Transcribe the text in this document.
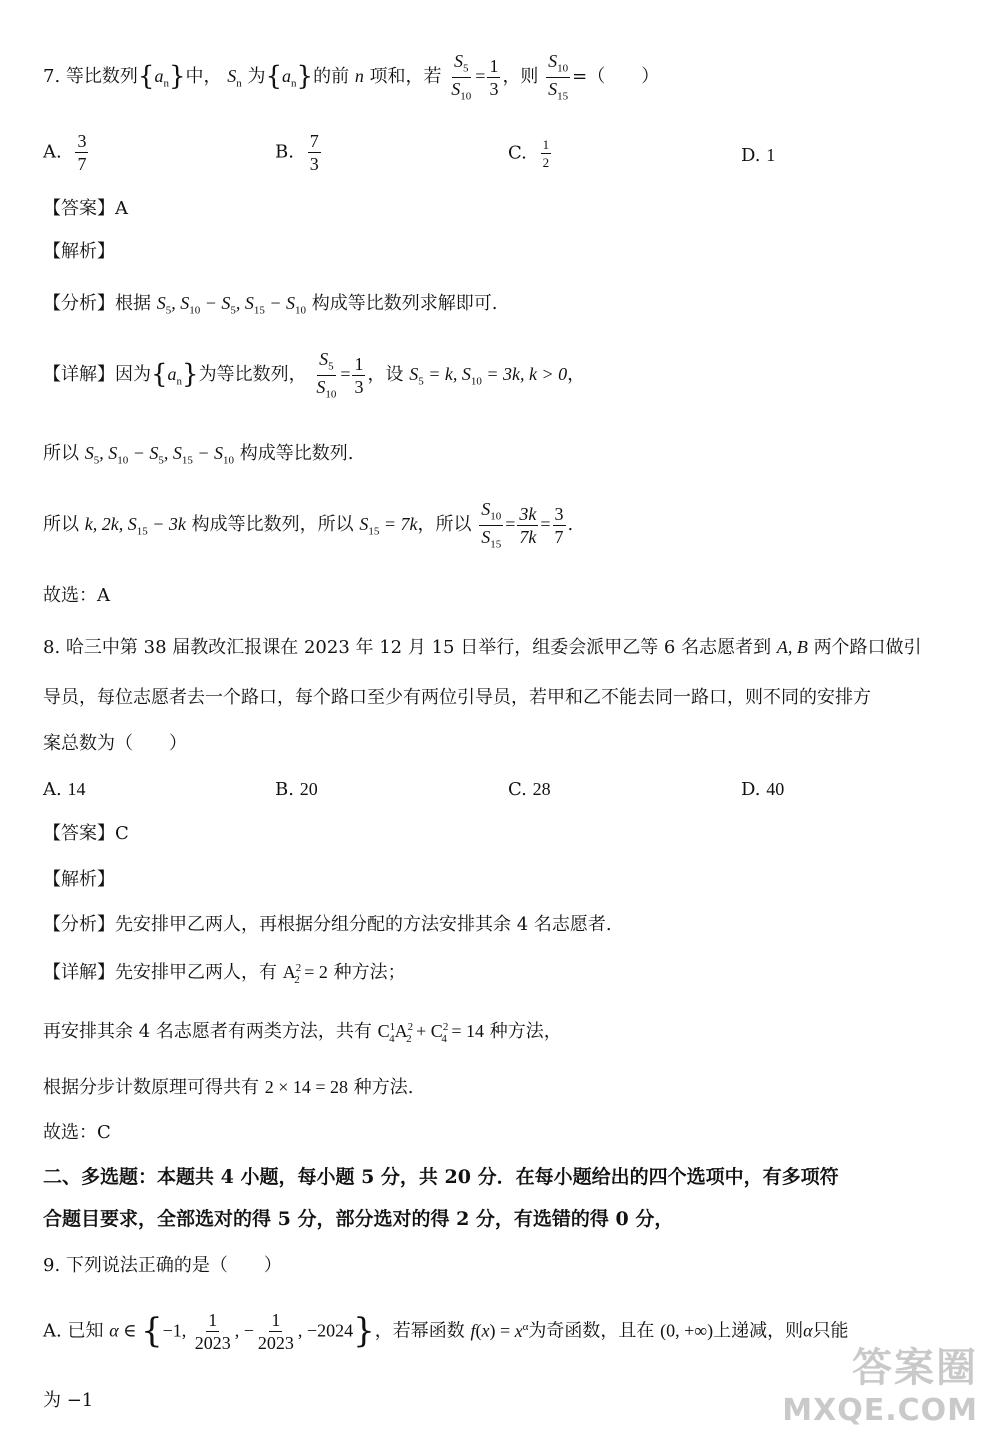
7. 等比数列$\{a_n\}$中， $S_n$ 为$\{a_n\}$的前 n 项和，若 $\frac{S_5}{S_{10}} = \frac{1}{3}$ ，则 $\frac{S_{10}}{S_{15}}$ =（　　）
A. $\frac{3}{7}$	B. $\frac{7}{3}$	C. $\frac{1}{2}$	D. 1
【答案】A
【解析】
【分析】根据 $S_5$, $S_{10} - S_5$, $S_{15} - S_{10}$ 构成等比数列求解即可.
【详解】因为$\{a_n\}$为等比数列， $\frac{S_5}{S_{10}} = \frac{1}{3}$ ，设 $S_5 = k$, $S_{10} = 3k$, k > 0，
所以 $S_5$, $S_{10} - S_5$, $S_{15} - S_{10}$ 构成等比数列.
所以 k, 2k, $S_{15} - 3k$ 构成等比数列，所以 $S_{15} = 7k$，所以 $\frac{S_{10}}{S_{15}} = \frac{3k}{7k} = \frac{3}{7}$ .
故选：A
8. 哈三中第 38 届教改汇报课在 2023 年 12 月 15 日举行，组委会派甲乙等 6 名志愿者到 A, B 两个路口做引
导员，每位志愿者去一个路口，每个路口至少有两位引导员，若甲和乙不能去同一路口，则不同的安排方
案总数为（　　）
A. 14	B. 20	C. 28	D. 40
【答案】C
【解析】
【分析】先安排甲乙两人，再根据分组分配的方法安排其余 4 名志愿者.
【详解】先安排甲乙两人，有 $A^2_2 = 2$ 种方法；
再安排其余 4 名志愿者有两类方法，共有 $C^1_4A^2_2 + C^2_4 = 14$ 种方法，
根据分步计数原理可得共有 2 × 14 = 28 种方法.
故选：C
二、多选题：本题共 4 小题，每小题 5 分，共 20 分．在每小题给出的四个选项中，有多项符
合题目要求，全部选对的得 5 分，部分选对的得 2 分，有选错的得 0 分，
9. 下列说法正确的是（　　）
A. 已知 α ∈ {−1, $\frac{1}{2023}$ , − $\frac{1}{2023}$ , −2024}，若幂函数 $f(x) = x^\alpha$为奇函数，且在 (0, +∞)上递减，则α只能
为 −1
答案圈
MXQE.COM
